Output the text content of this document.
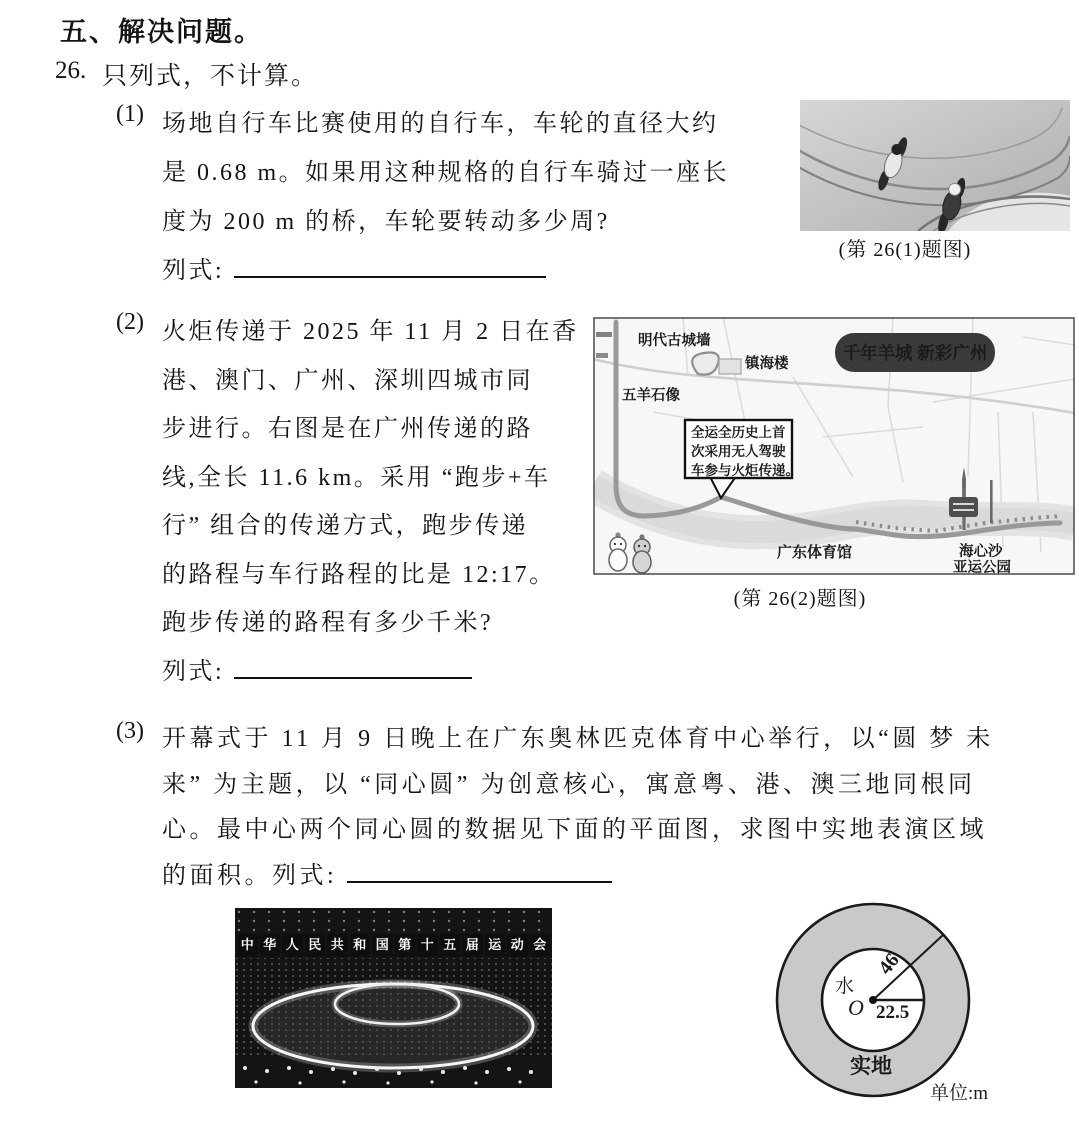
五、解决问题。
26. 只列式，不计算。
(1) 场地自行车比赛使用的自行车，车轮的直径大约
是 0.68 m。如果用这种规格的自行车骑过一座长
度为 200 m 的桥，车轮要转动多少周?
列式:
(第 26(1)题图)
(2) 火炬传递于 2025 年 11 月 2 日在香
港、澳门、广州、深圳四城市同
步进行。右图是在广州传递的路
线,全长 11.6 km。采用 “跑步+车
行” 组合的传递方式，跑步传递
的路程与车行路程的比是 12:17。
跑步传递的路程有多少千米?
列式:
千年羊城 新彩广州
明代古城墙
镇海楼
五羊石像
全运全历史上首
次采用无人驾驶
车参与火炬传递。
广东体育馆	海心沙
亚运公园
(第 26(2)题图)
(3) 开幕式于 11 月 9 日晚上在广东奥林匹克体育中心举行，以“圆 梦 未
来” 为主题，以 “同心圆” 为创意核心，寓意粤、港、澳三地同根同
心。最中心两个同心圆的数据见下面的平面图，求图中实地表演区域
的面积。列式:
中 华 人 民 共 和 国 第 十 五 届 运 动 会
水
O 22.5
46
实地
单位:m
